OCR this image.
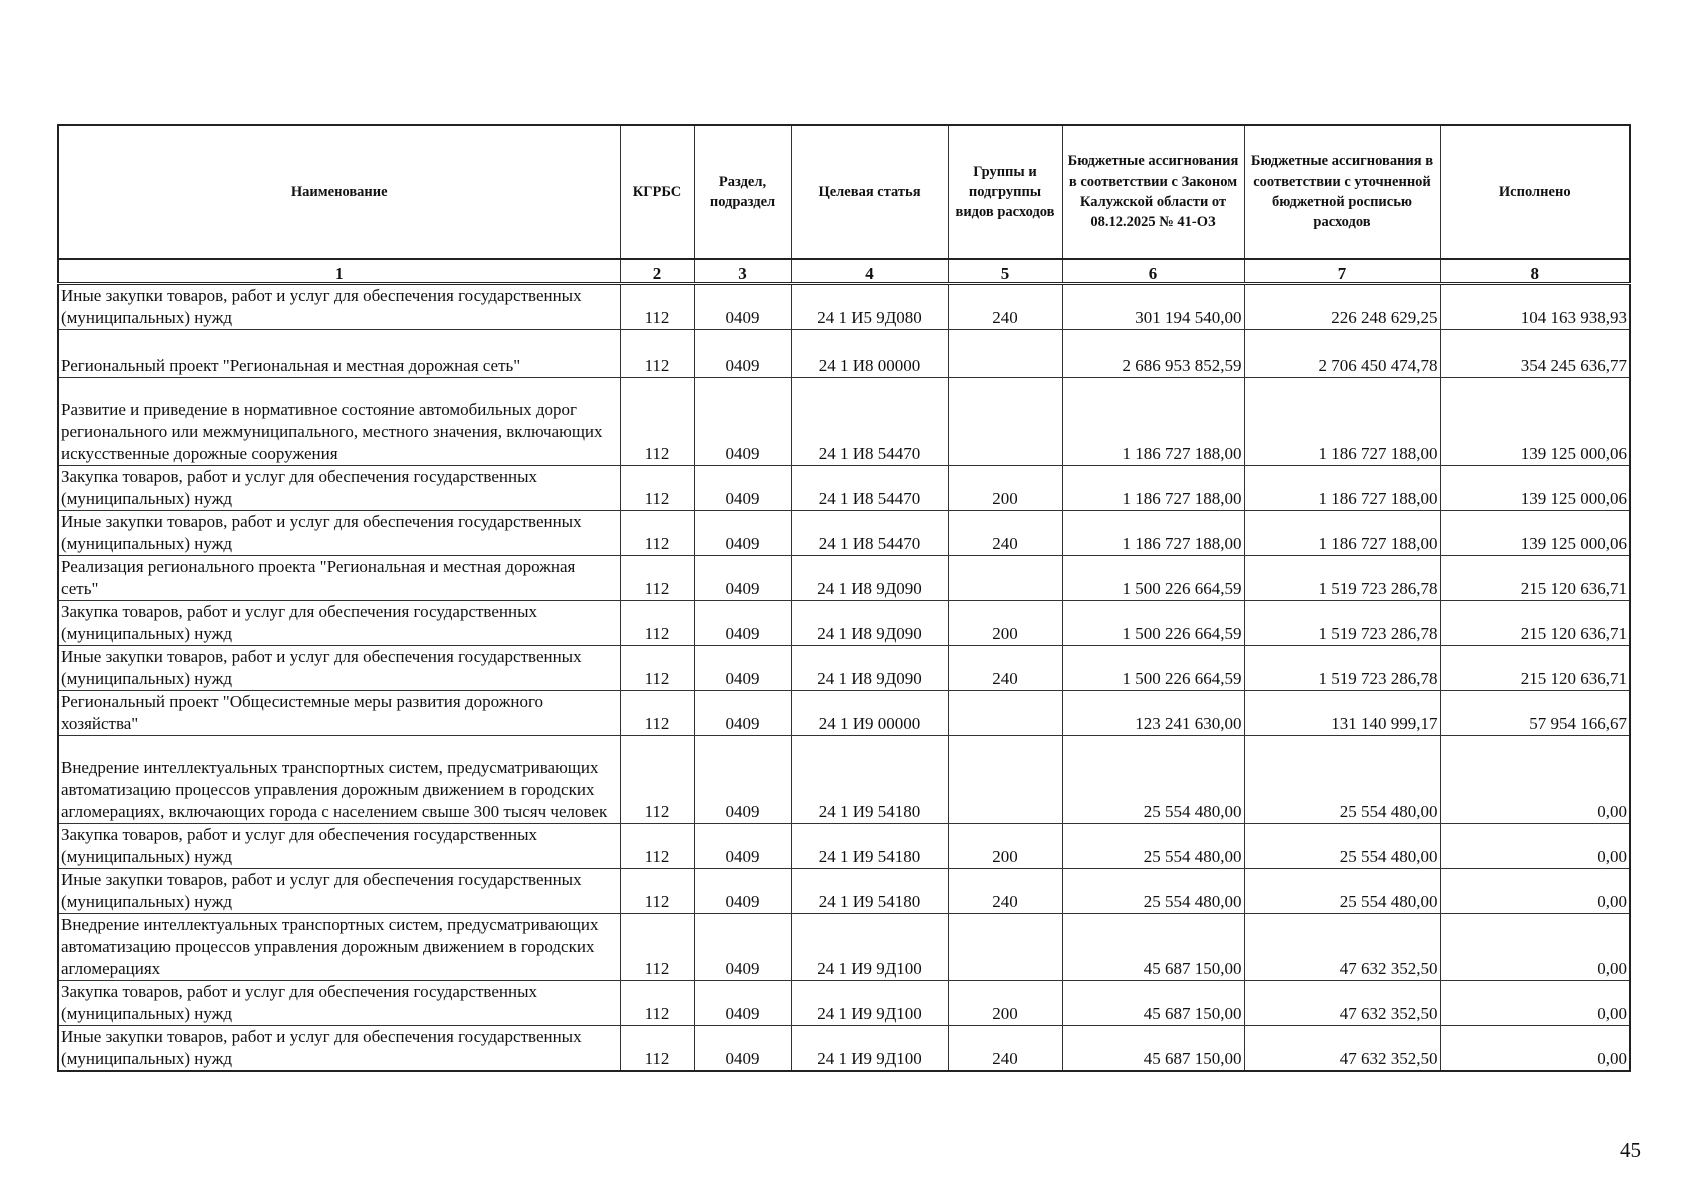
Наименование	КГРБС	Раздел, подраздел	Целевая статья	Группы и подгруппы видов расходов	Бюджетные ассигнования в соответствии с Законом Калужской области от 08.12.2025 № 41-ОЗ	Бюджетные ассигнования в соответствии с уточненной бюджетной росписью расходов	Исполнено
1	2	3	4	5	6	7	8
Иные закупки товаров, работ и услуг для обеспечения государственных (муниципальных) нужд	112	0409	24 1 И5 9Д080	240	301 194 540,00	226 248 629,25	104 163 938,93
Региональный проект "Региональная и местная дорожная сеть"	112	0409	24 1 И8 00000		2 686 953 852,59	2 706 450 474,78	354 245 636,77
Развитие и приведение в нормативное состояние автомобильных дорог регионального или межмуниципального, местного значения, включающих искусственные дорожные сооружения	112	0409	24 1 И8 54470		1 186 727 188,00	1 186 727 188,00	139 125 000,06
Закупка товаров, работ и услуг для обеспечения государственных (муниципальных) нужд	112	0409	24 1 И8 54470	200	1 186 727 188,00	1 186 727 188,00	139 125 000,06
Иные закупки товаров, работ и услуг для обеспечения государственных (муниципальных) нужд	112	0409	24 1 И8 54470	240	1 186 727 188,00	1 186 727 188,00	139 125 000,06
Реализация регионального проекта "Региональная и местная дорожная сеть"	112	0409	24 1 И8 9Д090		1 500 226 664,59	1 519 723 286,78	215 120 636,71
Закупка товаров, работ и услуг для обеспечения государственных (муниципальных) нужд	112	0409	24 1 И8 9Д090	200	1 500 226 664,59	1 519 723 286,78	215 120 636,71
Иные закупки товаров, работ и услуг для обеспечения государственных (муниципальных) нужд	112	0409	24 1 И8 9Д090	240	1 500 226 664,59	1 519 723 286,78	215 120 636,71
Региональный проект "Общесистемные меры развития дорожного хозяйства"	112	0409	24 1 И9 00000		123 241 630,00	131 140 999,17	57 954 166,67
Внедрение интеллектуальных транспортных систем, предусматривающих автоматизацию процессов управления дорожным движением в городских агломерациях, включающих города с населением свыше 300 тысяч человек	112	0409	24 1 И9 54180		25 554 480,00	25 554 480,00	0,00
Закупка товаров, работ и услуг для обеспечения государственных (муниципальных) нужд	112	0409	24 1 И9 54180	200	25 554 480,00	25 554 480,00	0,00
Иные закупки товаров, работ и услуг для обеспечения государственных (муниципальных) нужд	112	0409	24 1 И9 54180	240	25 554 480,00	25 554 480,00	0,00
Внедрение интеллектуальных транспортных систем, предусматривающих автоматизацию процессов управления дорожным движением в городских агломерациях	112	0409	24 1 И9 9Д100		45 687 150,00	47 632 352,50	0,00
Закупка товаров, работ и услуг для обеспечения государственных (муниципальных) нужд	112	0409	24 1 И9 9Д100	200	45 687 150,00	47 632 352,50	0,00
Иные закупки товаров, работ и услуг для обеспечения государственных (муниципальных) нужд	112	0409	24 1 И9 9Д100	240	45 687 150,00	47 632 352,50	0,00
45
